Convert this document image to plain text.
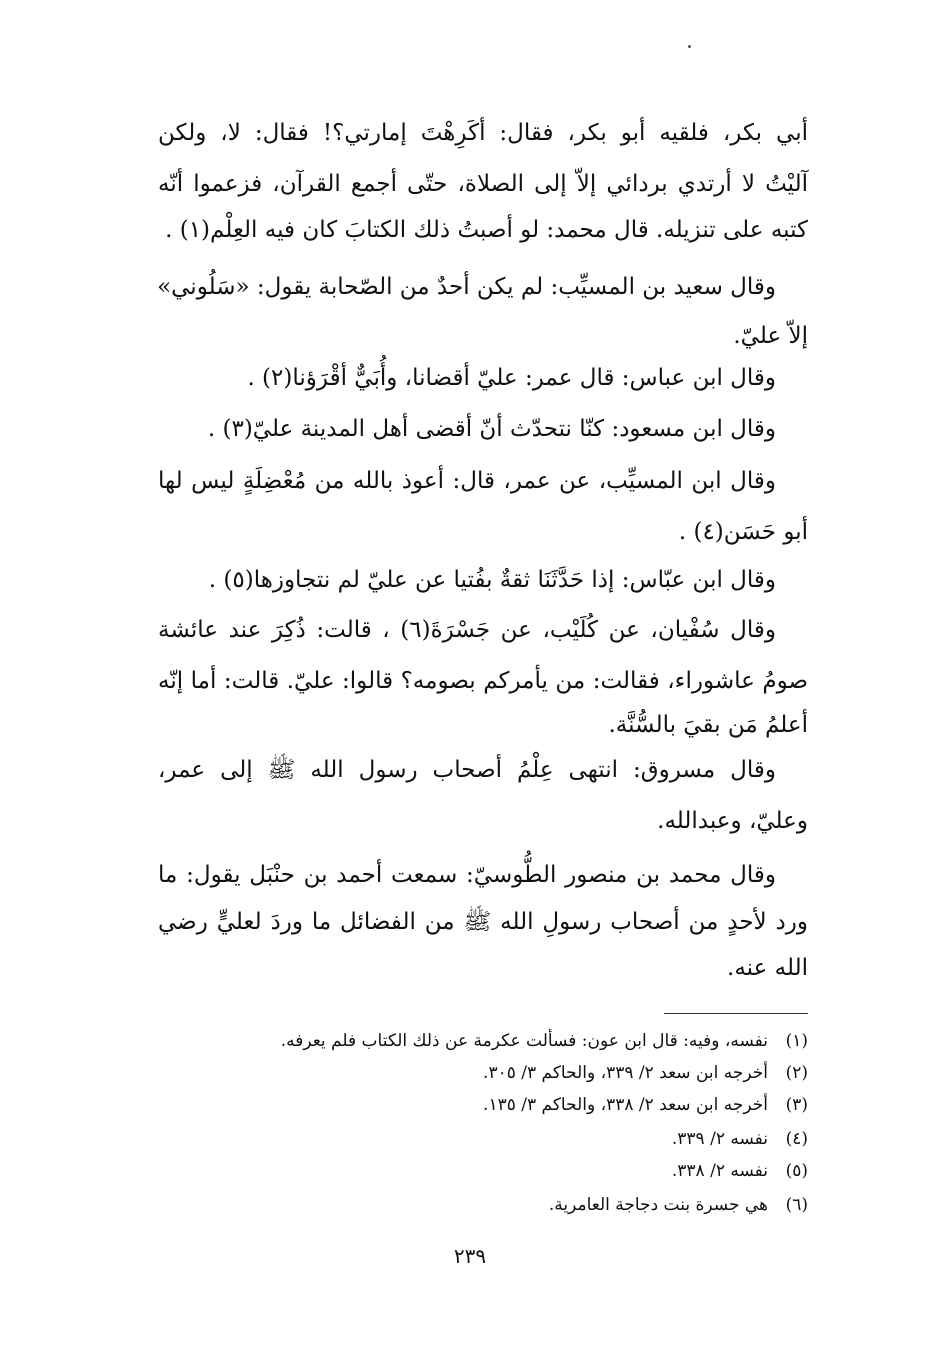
أبي بكر، فلقيه أبو بكر، فقال: أكَرِهْتَ إمارتي؟! فقال: لا، ولكن
آليْتُ لا أرتدي بردائي إلاّ إلى الصلاة، حتّى أجمع القرآن، فزعموا أنّه
كتبه على تنزيله. قال محمد: لو أصبتُ ذلك الكتابَ كان فيه العِلْم(١) .
وقال سعيد بن المسيِّب: لم يكن أحدٌ من الصّحابة يقول: «سَلُوني»
إلاّ عليّ.
وقال ابن عباس: قال عمر: عليّ أقضانا، وأُبَيٌّ أقْرَؤنا(٢) .
وقال ابن مسعود: كنّا نتحدّث أنّ أقضى أهل المدينة عليّ(٣) .
وقال ابن المسيِّب، عن عمر، قال: أعوذ بالله من مُعْضِلَةٍ ليس لها
أبو حَسَن(٤) .
وقال ابن عبّاس: إذا حَدَّثَنَا ثقةٌ بفُتيا عن عليّ لم نتجاوزها(٥) .
وقال سُفْيان، عن كُلَيْب، عن جَسْرَةَ(٦) ، قالت: ذُكِرَ عند عائشة
صومُ عاشوراء، فقالت: من يأمركم بصومه؟ قالوا: عليّ. قالت: أما إنّه
أعلمُ مَن بقيَ بالسُّنَّة.
وقال مسروق: انتهى عِلْمُ أصحاب رسول الله ﷺ إلى عمر،
وعليّ، وعبدالله.
وقال محمد بن منصور الطُّوسيّ: سمعت أحمد بن حنْبَل يقول: ما
ورد لأحدٍ من أصحاب رسولِ الله ﷺ من الفضائل ما وردَ لعليٍّ رضي
الله عنه.
(١)نفسه، وفيه: قال ابن عون: فسألت عكرمة عن ذلك الكتاب فلم يعرفه.
(٢)أخرجه ابن سعد ٢/ ٣٣٩، والحاكم ٣/ ٣٠٥.
(٣)أخرجه ابن سعد ٢/ ٣٣٨، والحاكم ٣/ ١٣٥.
(٤)نفسه ٢/ ٣٣٩.
(٥)نفسه ٢/ ٣٣٨.
(٦)هي جسرة بنت دجاجة العامرية.
٢٣٩
